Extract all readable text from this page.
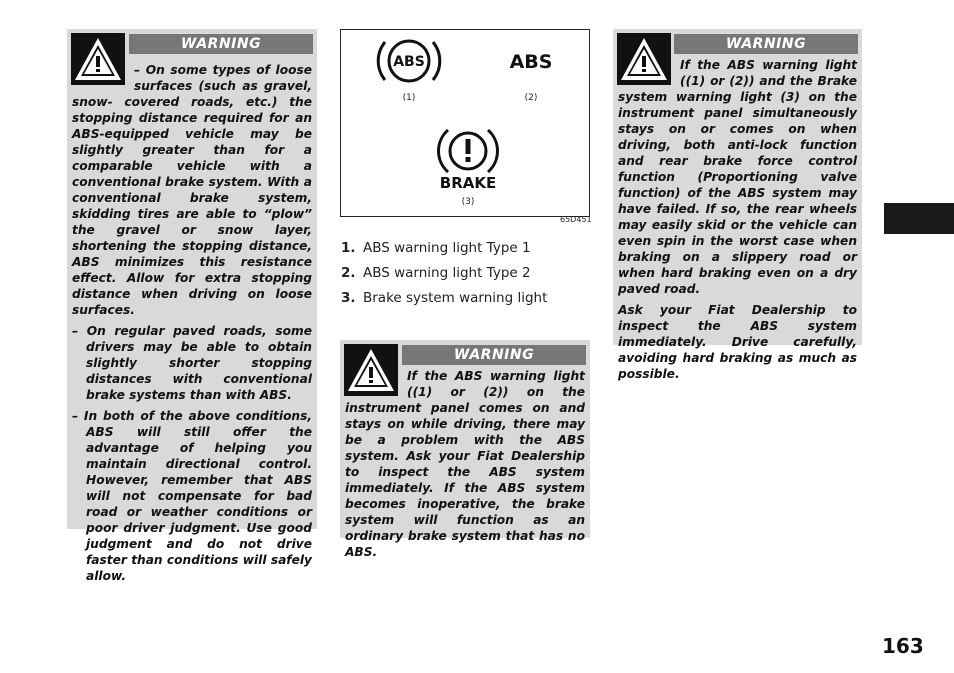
WARNING

– On some types of loose surfaces (such as gravel, snow- covered roads, etc.) the stopping distance required for an ABS-equipped vehicle may be slightly greater than for a comparable vehicle with a conventional brake system. With a conventional brake system, skidding tires are able to “plow” the gravel or snow layer, shortening the stopping distance, ABS minimizes this resistance effect. Allow for extra stopping distance when driving on loose surfaces.

– On regular paved roads, some drivers may be able to obtain slightly shorter stopping distances with conventional brake systems than with ABS.

– In both of the above conditions, ABS will still offer the advantage of helping you maintain directional control. However, remember that ABS will not compensate for bad road or weather conditions or poor driver judgment. Use good judgment and do not drive faster than conditions will safely allow.

ABS
(1)
ABS
(2)
BRAKE
(3)
65D451
1. ABS warning light Type 1
2. ABS warning light Type 2
3. Brake system warning light
WARNING

If the ABS warning light ((1) or (2)) on the instrument panel comes on and stays on while driving, there may be a problem with the ABS system. Ask your Fiat Dealership to inspect the ABS system immediately. If the ABS system becomes inoperative, the brake system will function as an ordinary brake system that has no ABS.

WARNING

If the ABS warning light ((1) or (2)) and the Brake system warning light (3) on the instrument panel simultaneously stays on or comes on when driving, both anti-lock function and rear brake force control function (Proportioning valve function) of the ABS system may have failed. If so, the rear wheels may easily skid or the vehicle can even spin in the worst case when braking on a slippery road or when hard braking even on a dry paved road.

Ask your Fiat Dealership to inspect the ABS system immediately. Drive carefully, avoiding hard braking as much as possible.

163
